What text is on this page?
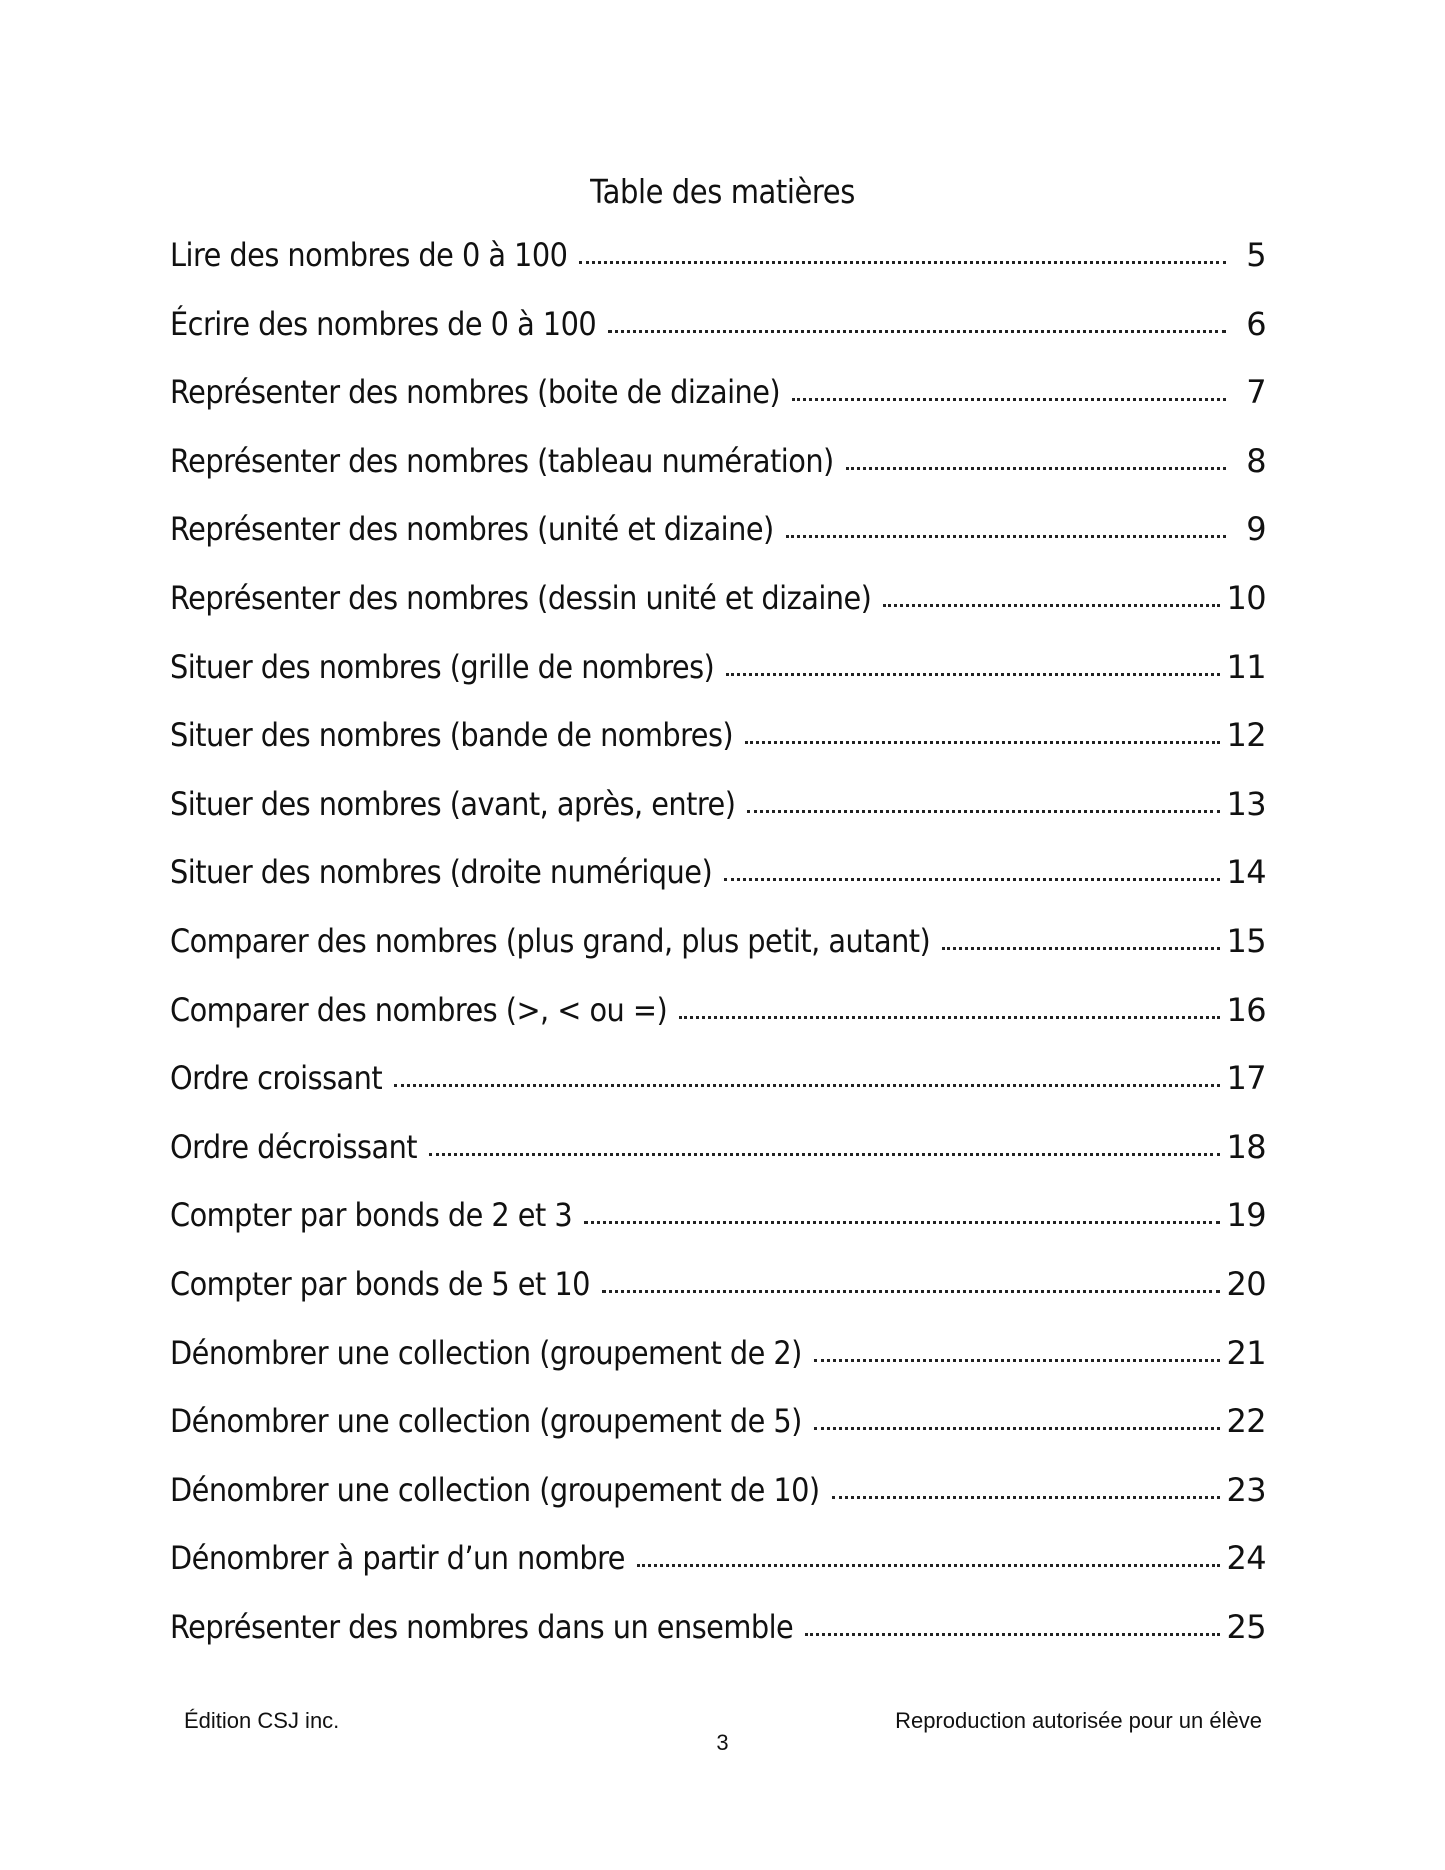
Table des matières
Lire des nombres de 0 à 100	5
Écrire des nombres de 0 à 100	6
Représenter des nombres (boite de dizaine)	7
Représenter des nombres (tableau numération)	8
Représenter des nombres (unité et dizaine)	9
Représenter des nombres (dessin unité et dizaine)	10
Situer des nombres (grille de nombres)	11
Situer des nombres (bande de nombres)	12
Situer des nombres (avant, après, entre)	13
Situer des nombres (droite numérique)	14
Comparer des nombres (plus grand, plus petit, autant)	15
Comparer des nombres (>, < ou =)	16
Ordre croissant	17
Ordre décroissant	18
Compter par bonds de 2 et 3	19
Compter par bonds de 5 et 10	20
Dénombrer une collection (groupement de 2)	21
Dénombrer une collection (groupement de 5)	22
Dénombrer une collection (groupement de 10)	23
Dénombrer à partir d’un nombre	24
Représenter des nombres dans un ensemble	25
Édition CSJ inc.
3
Reproduction autorisée pour un élève
